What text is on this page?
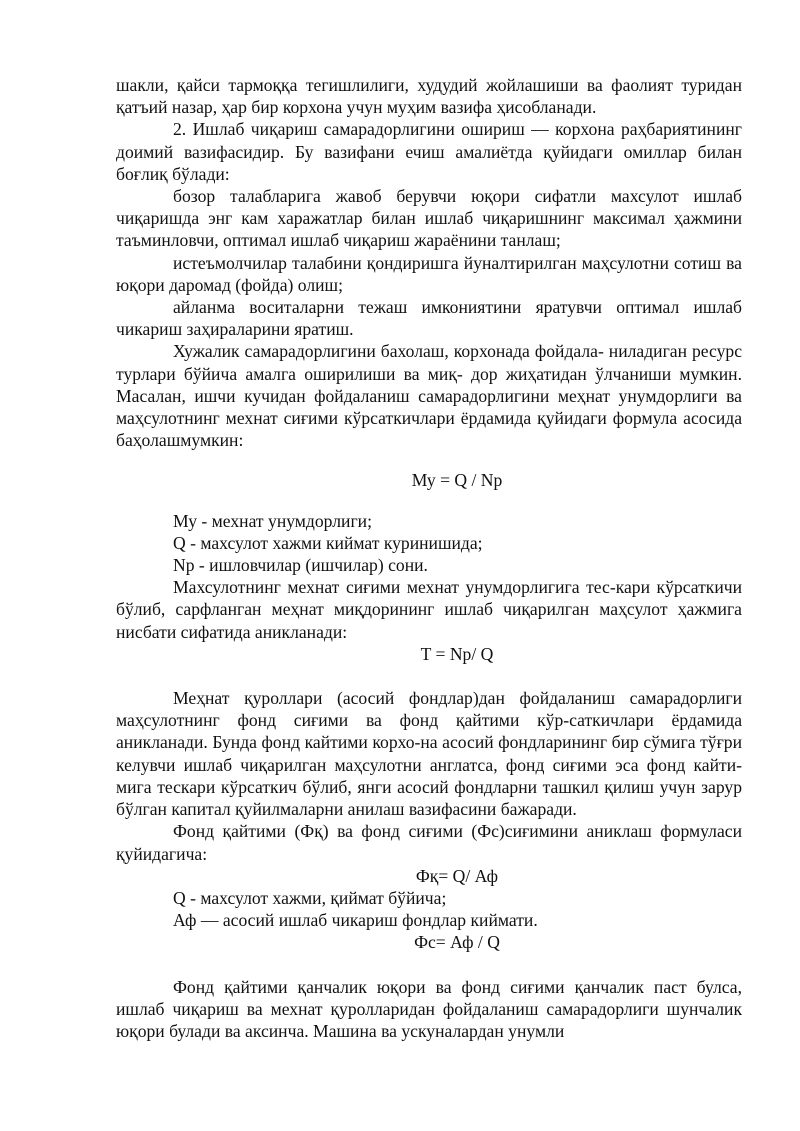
шакли, қайси тармоққа тегишлилиги, худудий жойлашиши ва фаолият туридан қатъий назар, ҳар бир корхона учун муҳим вазифа ҳисобланади.

2. Ишлаб чиқариш самарадорлигини ошириш — корхона раҳбариятининг доимий вазифасидир. Бу вазифани ечиш амалиётда қуйидаги омиллар билан боғлиқ бўлади:

бозор талабларига жавоб берувчи юқори сифатли махсулот ишлаб чиқаришда энг кам харажатлар билан ишлаб чиқаришнинг максимал ҳажмини таъминловчи, оптимал ишлаб чиқариш жараёнини танлаш;

истеъмолчилар талабини қондиришга йуналтирилган маҳсулотни сотиш ва юқори даромад (фойда) олиш;

айланма воситаларни тежаш имкониятини яратувчи оптимал ишлаб чикариш заҳираларини яратиш.

Хужалик самарадорлигини бахолаш, корхонада фойдала- ниладиган ресурс турлари бўйича амалга оширилиши ва миқ- дор жиҳатидан ўлчаниши мумкин. Масалан, ишчи кучидан фойдаланиш самарадорлигини меҳнат унумдорлиги ва маҳсулотнинг мехнат сиғими кўрсаткичлари ёрдамида қуйидаги формула асосида баҳолашмумкин:

Му = Q / Np

Му - мехнат унумдорлиги;

Q - махсулот хажми киймат куринишида;

Np - ишловчилар (ишчилар) сони.

Махсулотнинг мехнат сиғими мехнат унумдорлигига тес-кари кўрсаткичи бўлиб, сарфланган меҳнат миқдорининг ишлаб чиқарилган маҳсулот ҳажмига нисбати сифатида аникланади:

T = Np/ Q

Меҳнат қуроллари (асосий фондлар)дан фойдаланиш самарадорлиги маҳсулотнинг фонд сиғими ва фонд қайтими кўр-саткичлари ёрдамида аникланади. Бунда фонд кайтими корхо-на асосий фондларининг бир сўмига тўғри келувчи ишлаб чиқарилган маҳсулотни англатса, фонд сиғими эса фонд кайти-мига тескари кўрсаткич бўлиб, янги асосий фондларни ташкил қилиш учун зарур бўлган капитал қуйилмаларни анилаш вазифасини бажаради.

Фонд қайтими (Фқ) ва фонд сиғими (Фс)сиғимини аниклаш формуласи қуйидагича:

Фқ= Q/ Аф

Q - махсулот хажми, қиймат бўйича;

Аф — асосий ишлаб чикариш фондлар киймати.

Фс= Аф / Q

Фонд қайтими қанчалик юқори ва фонд сиғими қанчалик паст булса, ишлаб чиқариш ва мехнат қуролларидан фойдаланиш самарадорлиги шунчалик юқори булади ва аксинча. Машина ва ускуналардан унумли
